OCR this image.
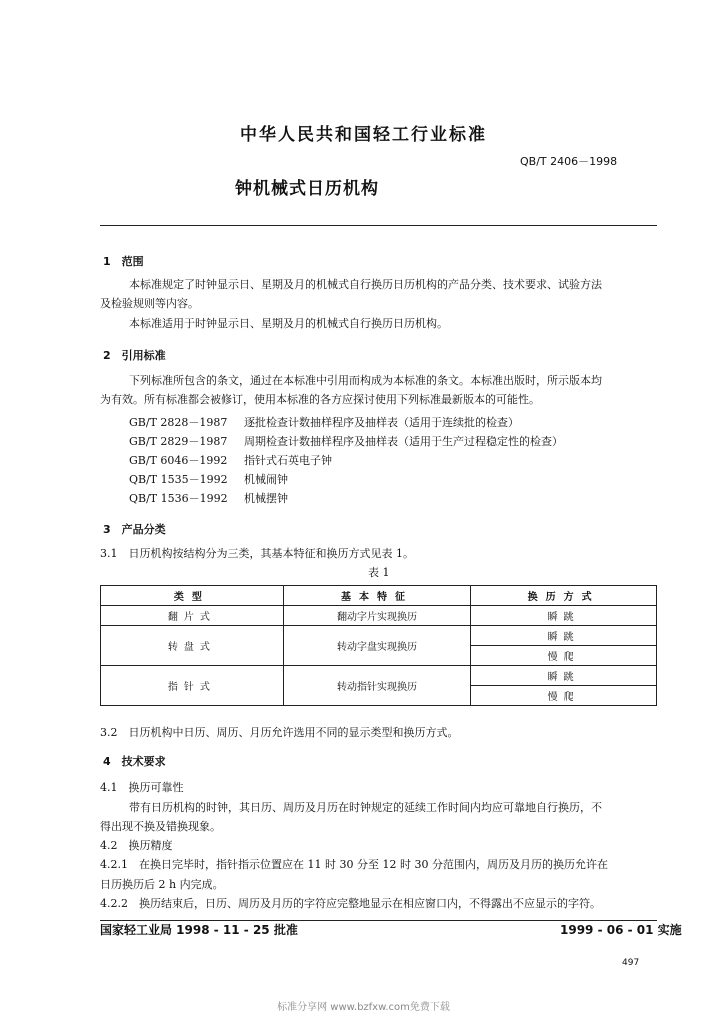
中华人民共和国轻工行业标准
QB/T 2406－1998
钟机械式日历机构
1　 范围
本标准规定了时钟显示日、星期及月的机械式自行换历日历机构的产品分类、技术要求、试验方法
及检验规则等内容。
本标准适用于时钟显示日、星期及月的机械式自行换历日历机构。
2　 引用标准
下列标准所包含的条文，通过在本标准中引用而构成为本标准的条文。本标准出版时，所示版本均
为有效。所有标准都会被修订，使用本标准的各方应探讨使用下列标准最新版本的可能性。
GB/T 2828－1987 逐批检查计数抽样程序及抽样表（适用于连续批的检查）
GB/T 2829－1987 周期检查计数抽样程序及抽样表（适用于生产过程稳定性的检查）
GB/T 6046－1992 指针式石英电子钟
QB/T 1535－1992 机械闹钟
QB/T 1536－1992 机械摆钟
3　 产品分类
3.1　日历机构按结构分为三类，其基本特征和换历方式见表 1。
表 1
类型	基本特征	换历方式
翻片式	翻动字片实现换历	瞬跳
转盘式	转动字盘实现换历	瞬跳
		慢爬
指针式	转动指针实现换历	瞬跳
		慢爬
3.2　日历机构中日历、周历、月历允许选用不同的显示类型和换历方式。
4　 技术要求
4.1　换历可靠性
带有日历机构的时钟，其日历、周历及月历在时钟规定的延续工作时间内均应可靠地自行换历，不
得出现不换及错换现象。
4.2　换历精度
4.2.1　在换日完毕时，指针指示位置应在 11 时 30 分至 12 时 30 分范围内，周历及月历的换历允许在
日历换历后 2 h 内完成。
4.2.2　换历结束后，日历、周历及月历的字符应完整地显示在相应窗口内，不得露出不应显示的字符。
国家轻工业局 1998 - 11 - 25 批准	1999 - 06 - 01 实施
497
标准分享网 www.bzfxw.com免费下载
